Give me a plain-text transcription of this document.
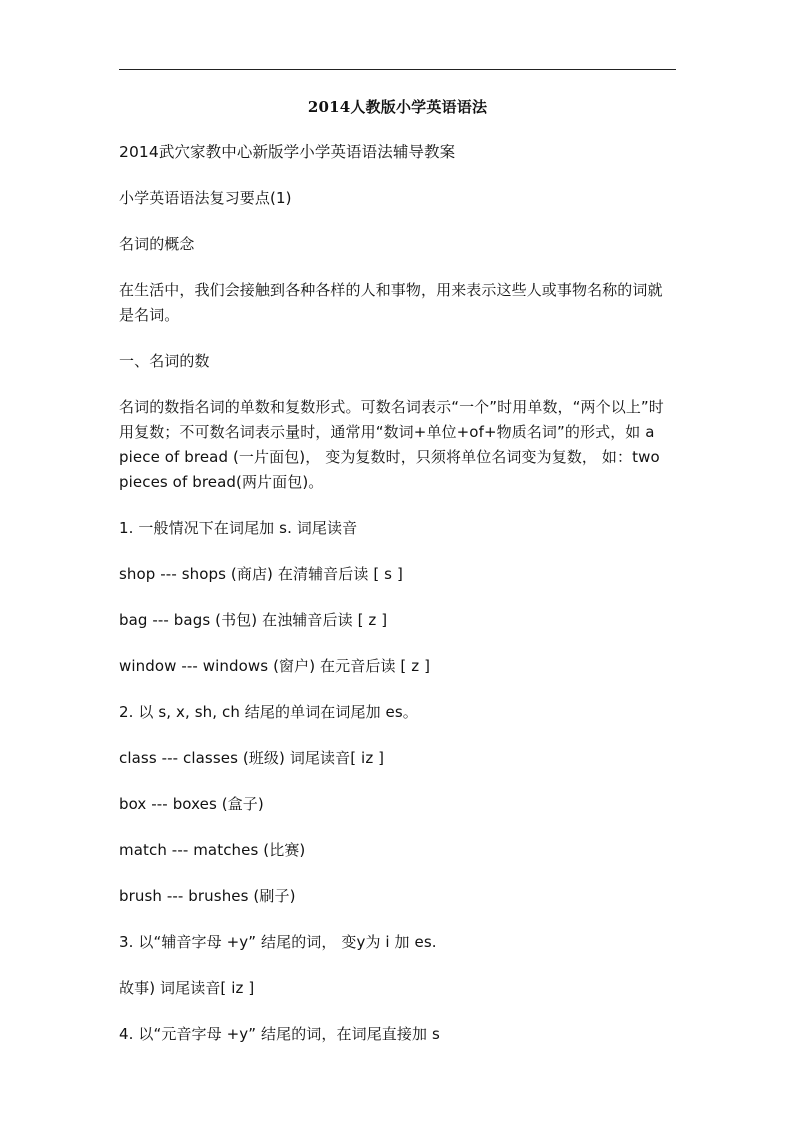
2014人教版小学英语语法

2014武穴家教中心新版学小学英语语法辅导教案

小学英语语法复习要点(1)

名词的概念

在生活中，我们会接触到各种各样的人和事物，用来表示这些人或事物名称的词就是名词。

一、名词的数

名词的数指名词的单数和复数形式。可数名词表示“一个”时用单数，“两个以上”时用复数；不可数名词表示量时，通常用“数词+单位+of+物质名词”的形式，如 a piece of bread (一片面包)， 变为复数时，只须将单位名词变为复数， 如：two pieces of bread(两片面包)。

1. 一般情况下在词尾加 s. 词尾读音

shop --- shops (商店) 在清辅音后读 [ s ]

bag --- bags (书包) 在浊辅音后读 [ z ]

window --- windows (窗户) 在元音后读 [ z ]

2. 以 s, x, sh, ch 结尾的单词在词尾加 es。

class --- classes (班级) 词尾读音[ iz ]

box --- boxes (盒子)

match --- matches (比赛)

brush --- brushes (刷子)

3. 以“辅音字母 +y” 结尾的词， 变y为 i 加 es.

故事) 词尾读音[ iz ]

4. 以“元音字母 +y” 结尾的词，在词尾直接加 s
